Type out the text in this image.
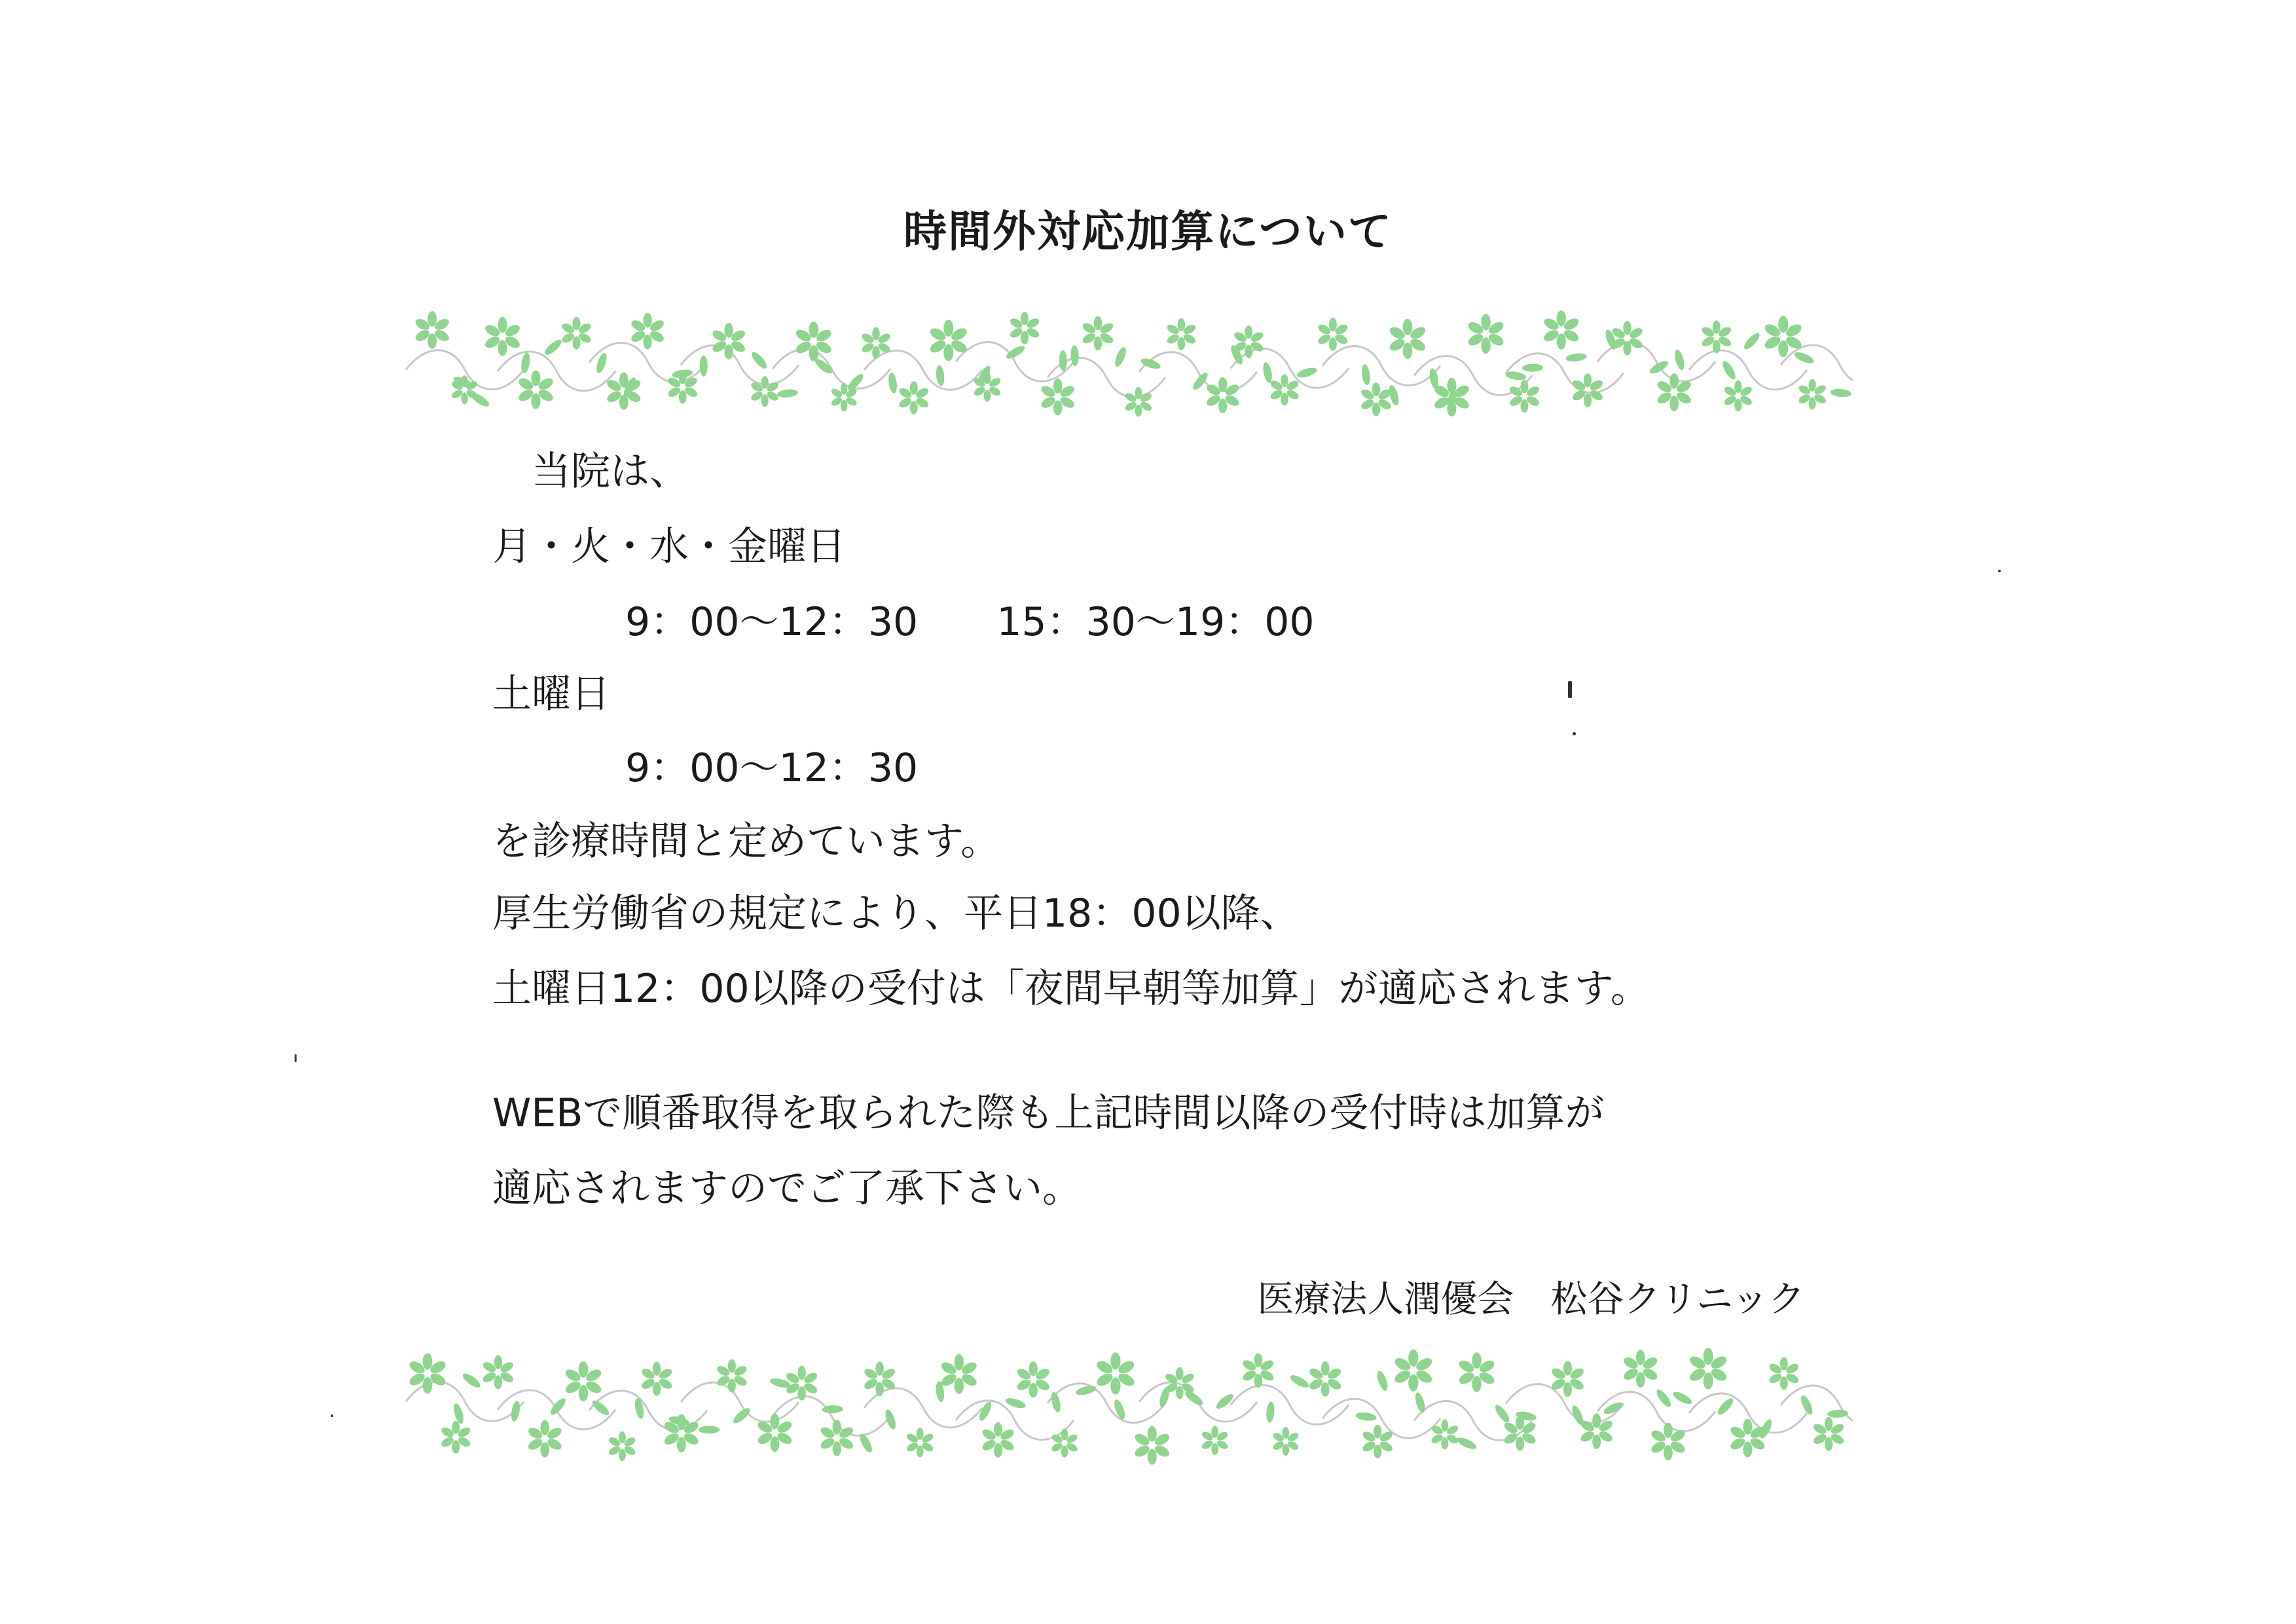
時間外対応加算について
　当院は、
月・火・水・金曜日
9：00〜12：30　　15：30〜19：00
土曜日
9：00〜12：30
を診療時間と定めています。
厚生労働省の規定により、平日18：00以降、
土曜日12：00以降の受付は「夜間早朝等加算」が適応されます。
WEBで順番取得を取られた際も上記時間以降の受付時は加算が
適応されますのでご了承下さい。
医療法人潤優会　松谷クリニック
